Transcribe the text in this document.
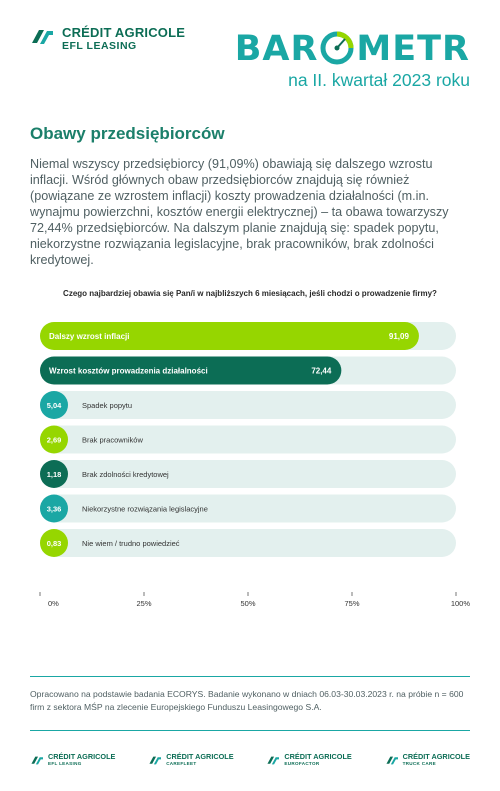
CRÉDIT AGRICOLE
EFL LEASING	BAR METR
na II. kwartał 2023 roku
Obawy przedsiębiorców
Niemal wszyscy przedsiębiorcy (91,09%) obawiają się dalszego wzrostu inflacji. Wśród głównych obaw przedsiębiorców znajdują się również (powiązane ze wzrostem inflacji) koszty prowadzenia działalności (m.in. wynajmu powierzchni, kosztów energii elektrycznej) – ta obawa towarzyszy 72,44% przedsiębiorców. Na dalszym planie znajdują się: spadek popytu, niekorzystne rozwiązania legislacyjne, brak pracowników, brak zdolności kredytowej.
Czego najbardziej obawia się Pan/i w najbliższych 6 miesiącach, jeśli chodzi o prowadzenie firmy?
Dalszy wzrost inflacji	91,09
Wzrost kosztów prowadzenia działalności	72,44
5,04	Spadek popytu
2,69	Brak pracowników
1,18	Brak zdolności kredytowej
3,36	Niekorzystne rozwiązania legislacyjne
0,83	Nie wiem / trudno powiedzieć
0%	25%	50%	75%	100%
Opracowano na podstawie badania ECORYS. Badanie wykonano w dniach 06.03-30.03.2023 r. na próbie n = 600 firm z sektora MŚP na zlecenie Europejskiego Funduszu Leasingowego S.A.
CRÉDIT AGRICOLE
EFL LEASING
CRÉDIT AGRICOLE
CAREFLEET
CRÉDIT AGRICOLE
EUROFACTOR
CRÉDIT AGRICOLE
TRUCK CARE
